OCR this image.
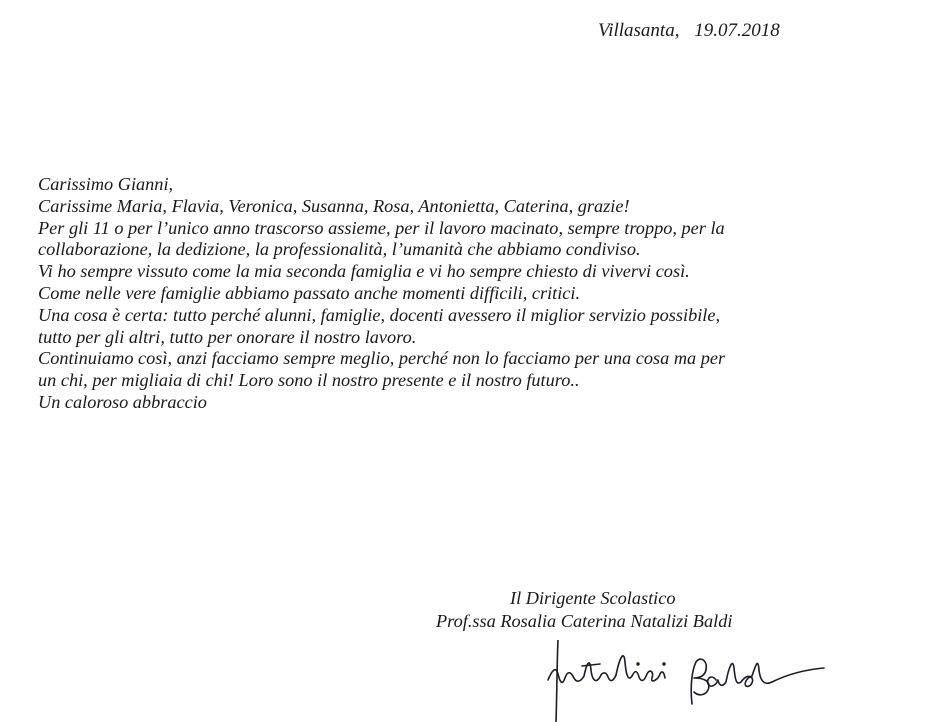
Villasanta, 19.07.2018

Carissimo Gianni,

Carissime Maria, Flavia, Veronica, Susanna, Rosa, Antonietta, Caterina, grazie!

Per gli 11 o per l’unico anno trascorso assieme, per il lavoro macinato, sempre troppo, per la

collaborazione, la dedizione, la professionalità, l’umanità che abbiamo condiviso.

Vi ho sempre vissuto come la mia seconda famiglia e vi ho sempre chiesto di vivervi così.

Come nelle vere famiglie abbiamo passato anche momenti difficili, critici.

Una cosa è certa: tutto perché alunni, famiglie, docenti avessero il miglior servizio possibile,

tutto per gli altri, tutto per onorare il nostro lavoro.

Continuiamo così, anzi facciamo sempre meglio, perché non lo facciamo per una cosa ma per

un chi, per migliaia di chi! Loro sono il nostro presente e il nostro futuro..

Un caloroso abbraccio

Il Dirigente Scolastico
Prof.ssa Rosalia Caterina Natalizi Baldi
